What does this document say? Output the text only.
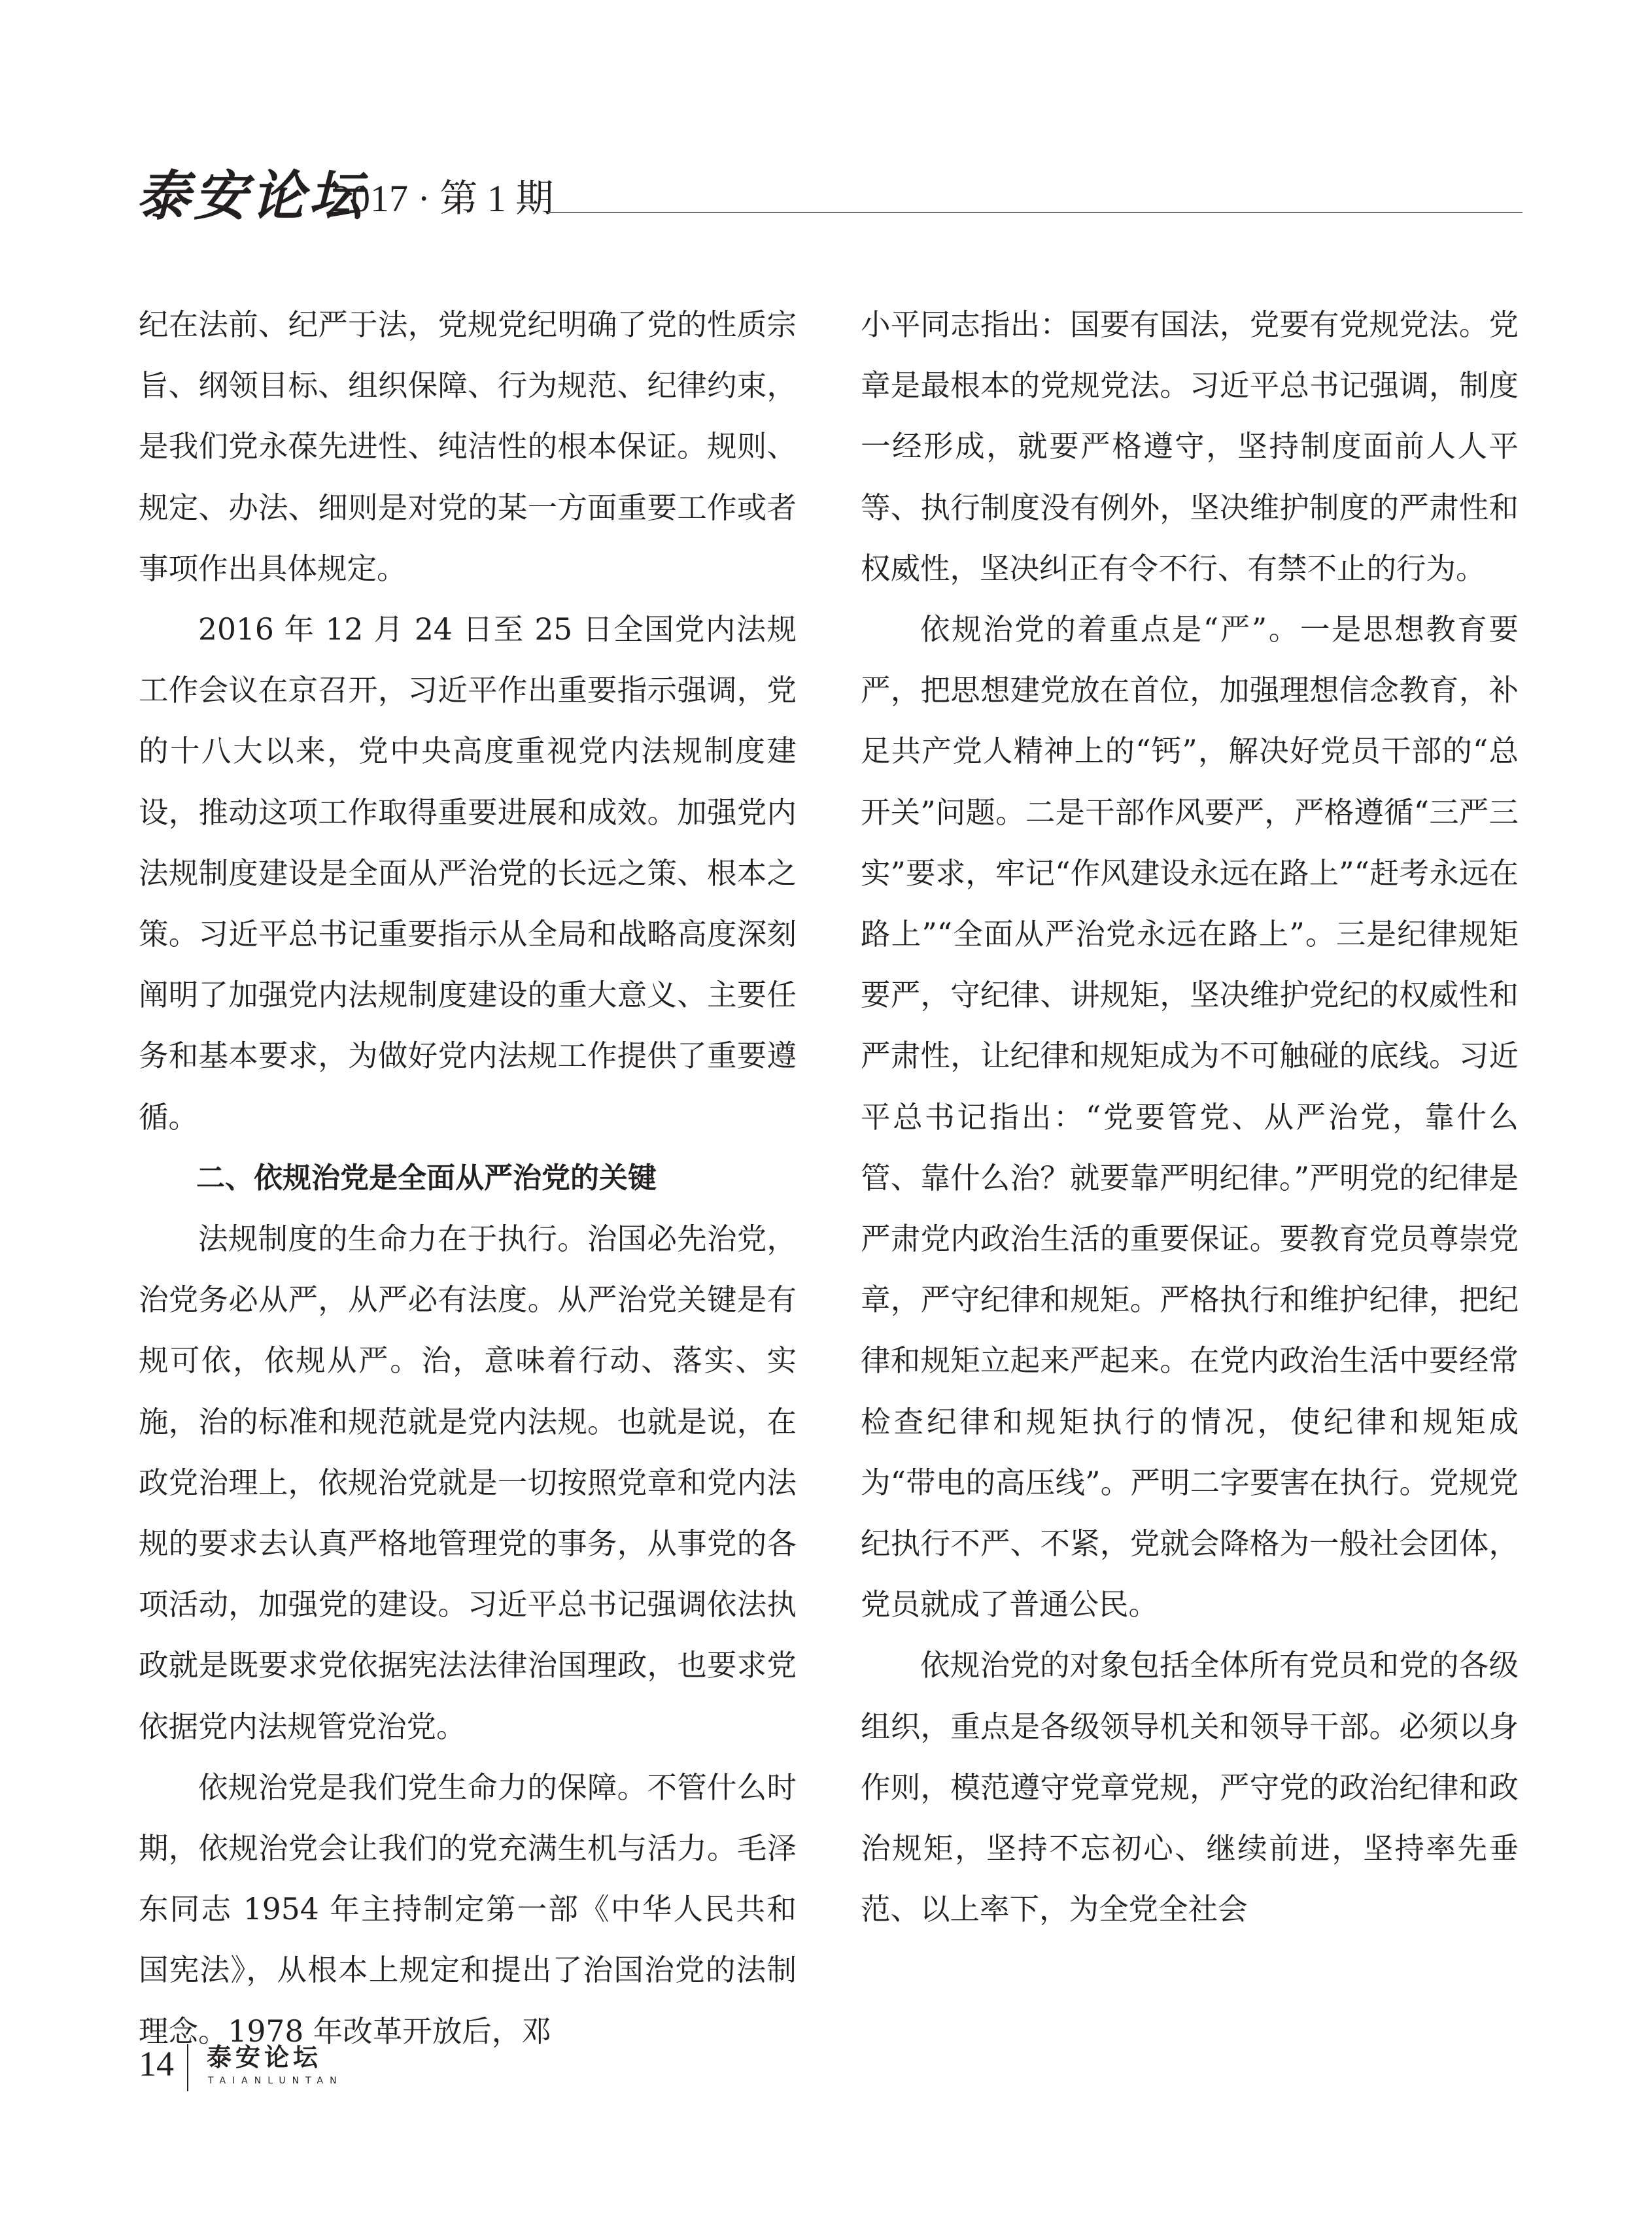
泰安论坛
2017 · 第 1 期

纪在法前、纪严于法，党规党纪明确了党的性质宗旨、纲领目标、组织保障、行为规范、纪律约束，是我们党永葆先进性、纯洁性的根本保证。规则、规定、办法、细则是对党的某一方面重要工作或者事项作出具体规定。

2016 年 12 月 24 日至 25 日全国党内法规工作会议在京召开，习近平作出重要指示强调，党的十八大以来，党中央高度重视党内法规制度建设，推动这项工作取得重要进展和成效。加强党内法规制度建设是全面从严治党的长远之策、根本之策。习近平总书记重要指示从全局和战略高度深刻阐明了加强党内法规制度建设的重大意义、主要任务和基本要求，为做好党内法规工作提供了重要遵循。

二、依规治党是全面从严治党的关键

法规制度的生命力在于执行。治国必先治党，治党务必从严，从严必有法度。从严治党关键是有规可依，依规从严。治，意味着行动、落实、实施，治的标准和规范就是党内法规。也就是说，在政党治理上，依规治党就是一切按照党章和党内法规的要求去认真严格地管理党的事务，从事党的各项活动，加强党的建设。习近平总书记强调依法执政就是既要求党依据宪法法律治国理政，也要求党依据党内法规管党治党。

依规治党是我们党生命力的保障。不管什么时期，依规治党会让我们的党充满生机与活力。毛泽东同志 1954 年主持制定第一部《中华人民共和国宪法》，从根本上规定和提出了治国治党的法制理念。1978 年改革开放后，邓

小平同志指出：国要有国法，党要有党规党法。党章是最根本的党规党法。习近平总书记强调，制度一经形成，就要严格遵守，坚持制度面前人人平等、执行制度没有例外，坚决维护制度的严肃性和权威性，坚决纠正有令不行、有禁不止的行为。

依规治党的着重点是“严”。一是思想教育要严，把思想建党放在首位，加强理想信念教育，补足共产党人精神上的“钙”，解决好党员干部的“总开关”问题。二是干部作风要严，严格遵循“三严三实”要求，牢记“作风建设永远在路上”“赶考永远在路上”“全面从严治党永远在路上”。三是纪律规矩要严，守纪律、讲规矩，坚决维护党纪的权威性和严肃性，让纪律和规矩成为不可触碰的底线。习近平总书记指出：“党要管党、从严治党，靠什么管、靠什么治？就要靠严明纪律。”严明党的纪律是严肃党内政治生活的重要保证。要教育党员尊崇党章，严守纪律和规矩。严格执行和维护纪律，把纪律和规矩立起来严起来。在党内政治生活中要经常检查纪律和规矩执行的情况，使纪律和规矩成为“带电的高压线”。严明二字要害在执行。党规党纪执行不严、不紧，党就会降格为一般社会团体，党员就成了普通公民。

依规治党的对象包括全体所有党员和党的各级组织，重点是各级领导机关和领导干部。必须以身作则，模范遵守党章党规，严守党的政治纪律和政治规矩，坚持不忘初心、继续前进，坚持率先垂范、以上率下，为全党全社会

14 泰安论坛
TAIANLUNTAN
